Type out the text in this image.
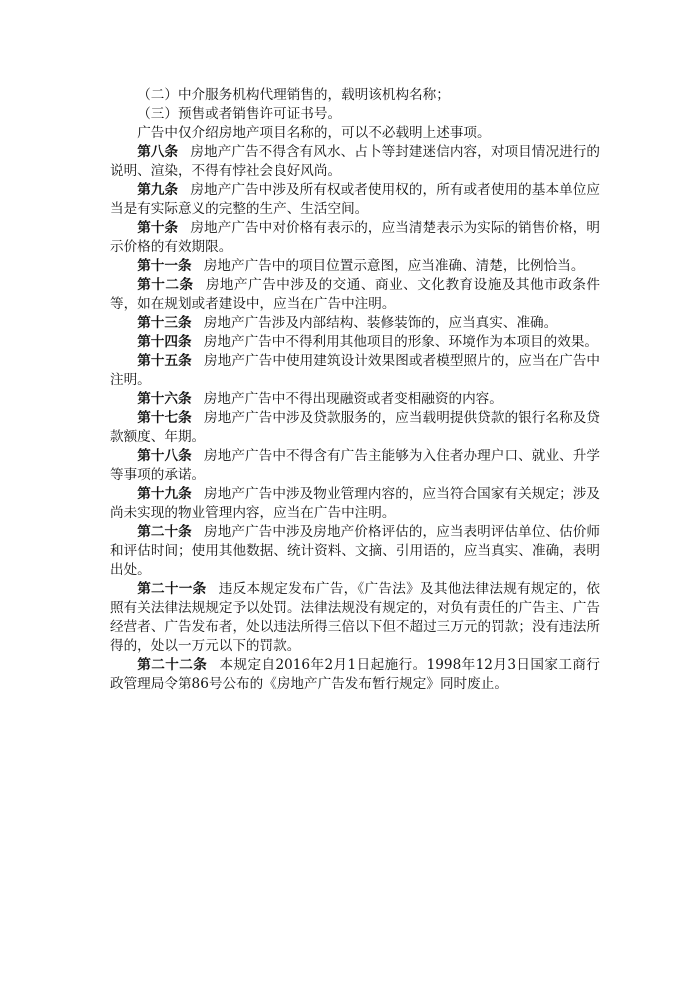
（二）中介服务机构代理销售的，载明该机构名称；

（三）预售或者销售许可证书号。

广告中仅介绍房地产项目名称的，可以不必载明上述事项。

第八条 房地产广告不得含有风水、占卜等封建迷信内容，对项目情况进行的说明、渲染，不得有悖社会良好风尚。

第九条 房地产广告中涉及所有权或者使用权的，所有或者使用的基本单位应当是有实际意义的完整的生产、生活空间。

第十条 房地产广告中对价格有表示的，应当清楚表示为实际的销售价格，明示价格的有效期限。

第十一条 房地产广告中的项目位置示意图，应当准确、清楚，比例恰当。

第十二条 房地产广告中涉及的交通、商业、文化教育设施及其他市政条件等，如在规划或者建设中，应当在广告中注明。

第十三条 房地产广告涉及内部结构、装修装饰的，应当真实、准确。

第十四条 房地产广告中不得利用其他项目的形象、环境作为本项目的效果。

第十五条 房地产广告中使用建筑设计效果图或者模型照片的，应当在广告中注明。

第十六条 房地产广告中不得出现融资或者变相融资的内容。

第十七条 房地产广告中涉及贷款服务的，应当载明提供贷款的银行名称及贷款额度、年期。

第十八条 房地产广告中不得含有广告主能够为入住者办理户口、就业、升学等事项的承诺。

第十九条 房地产广告中涉及物业管理内容的，应当符合国家有关规定；涉及尚未实现的物业管理内容，应当在广告中注明。

第二十条 房地产广告中涉及房地产价格评估的，应当表明评估单位、估价师和评估时间；使用其他数据、统计资料、文摘、引用语的，应当真实、准确，表明出处。

第二十一条 违反本规定发布广告，《广告法》及其他法律法规有规定的，依照有关法律法规规定予以处罚。法律法规没有规定的，对负有责任的广告主、广告经营者、广告发布者，处以违法所得三倍以下但不超过三万元的罚款；没有违法所得的，处以一万元以下的罚款。

第二十二条 本规定自2016年2月1日起施行。1998年12月3日国家工商行政管理局令第86号公布的《房地产广告发布暂行规定》同时废止。
